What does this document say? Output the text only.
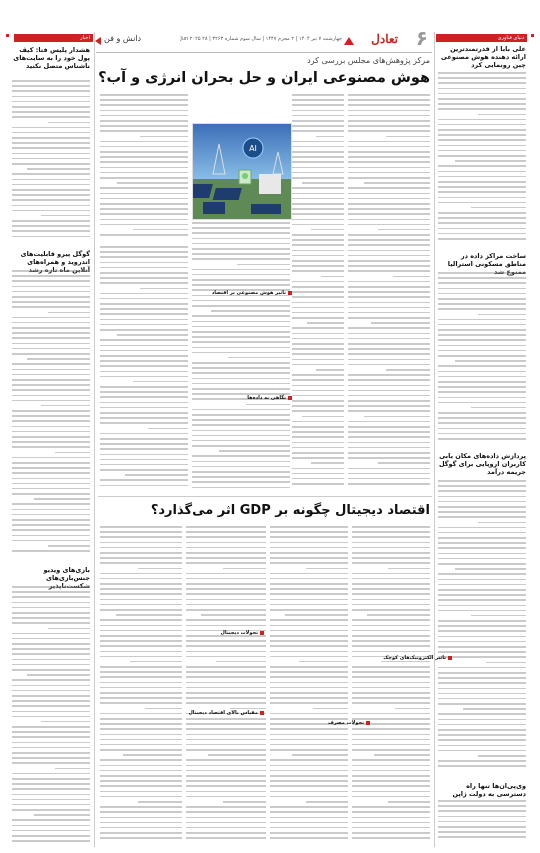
۶
تعادل
چهارشنبه ۷ تیر ۱۴۰۴ | ۲ محرم ۱۴۴۷ | سال سوم شماره ۳۲۶۳ | ۲۸ Jun ۲۰۲۵
دانش و فن	دنیای فناوری
علی بابا از قدرتمندترین ارائه دهنده هوش مصنوعی چین رونمایی کرد
ساخت مراکز داده در مناطق مسکونی استرالیا ممنوع شد
پردازش داده‌های مکان یابی کاربران اروپایی برای گوگل جریمه درآمد
وی‌پی‌ان‌ها تنها راه دسترسی به دولت ژاپن
اخبار
هشدار پلیس فتا: کیف پول خود را به سایت‌های ناشناس متصل نکنید
گوگل پیرو قابلیت‌های اندروید و همراه‌های آنلاین ماه تازه رشد
بازی‌های ویدیو جنس‌بازی‌های شکست‌ناپذیر
مرکز پژوهش‌های مجلس بررسی کرد
هوش مصنوعی ایران و حل بحران انرژی و آب؟
AI
تاثیر هوش مصنوعی بر اقتصاد
نگاهی به داده‌ها
اقتصاد دیجیتال چگونه بر GDP اثر می‌گذارد؟
تاثیر الکترونیک‌های کوچک
تحولات مصرف
تحولات دیجیتال
مقیاس بالای اقتصاد دیجیتال
